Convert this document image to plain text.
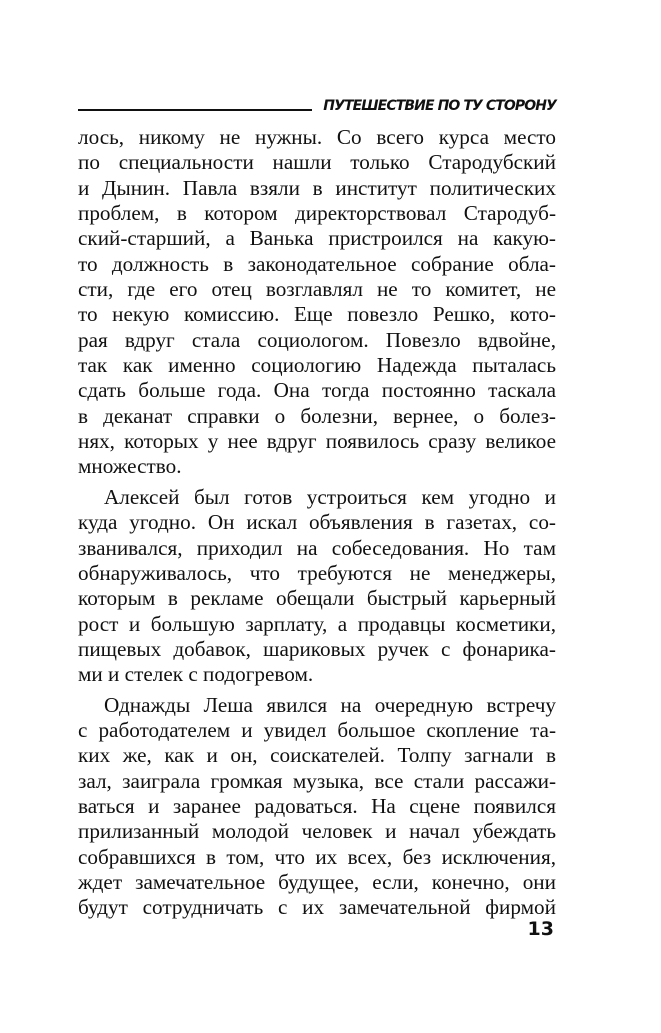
ПУТЕШЕСТВИЕ ПО ТУ СТОРОНУ
лось, никому не нужны. Со всего курса место
по специальности нашли только Стародубский
и Дынин. Павла взяли в институт политических
проблем, в котором директорствовал Стародуб-
ский-старший, а Ванька пристроился на какую-
то должность в законодательное собрание обла-
сти, где его отец возглавлял не то комитет, не
то некую комиссию. Еще повезло Решко, кото-
рая вдруг стала социологом. Повезло вдвойне,
так как именно социологию Надежда пыталась
сдать больше года. Она тогда постоянно таскала
в деканат справки о болезни, вернее, о болез-
нях, которых у нее вдруг появилось сразу великое
множество.
Алексей был готов устроиться кем угодно и
куда угодно. Он искал объявления в газетах, со-
званивался, приходил на собеседования. Но там
обнаруживалось, что требуются не менеджеры,
которым в рекламе обещали быстрый карьерный
рост и большую зарплату, а продавцы косметики,
пищевых добавок, шариковых ручек с фонарика-
ми и стелек с подогревом.
Однажды Леша явился на очередную встречу
с работодателем и увидел большое скопление та-
ких же, как и он, соискателей. Толпу загнали в
зал, заиграла громкая музыка, все стали рассажи-
ваться и заранее радоваться. На сцене появился
прилизанный молодой человек и начал убеждать
собравшихся в том, что их всех, без исключения,
ждет замечательное будущее, если, конечно, они
будут сотрудничать с их замечательной фирмой
13
